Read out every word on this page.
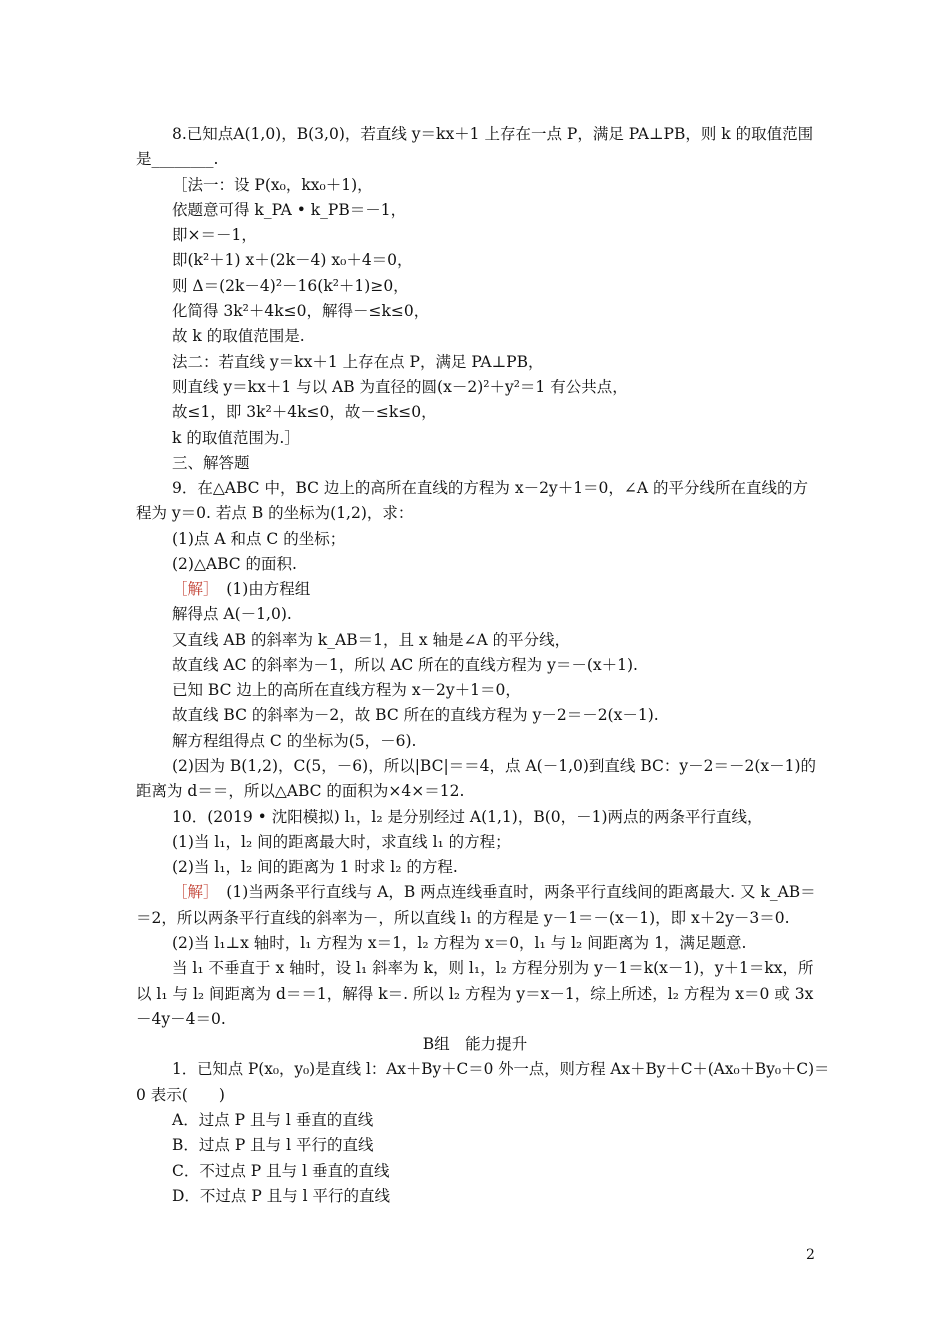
8.已知点A(1,0)，B(3,0)，若直线 y＝kx＋1 上存在一点 P，满足 PA⊥PB，则 k 的取值范围
是________.
［法一：设 P(x₀，kx₀＋1)，
依题意可得 k_PA • k_PB＝－1，
即×＝－1，
即(k²＋1) x＋(2k－4) x₀＋4＝0，
则 Δ＝(2k－4)²－16(k²＋1)≥0，
化简得 3k²＋4k≤0，解得－≤k≤0，
故 k 的取值范围是.
法二：若直线 y＝kx＋1 上存在点 P，满足 PA⊥PB，
则直线 y＝kx＋1 与以 AB 为直径的圆(x－2)²＋y²＝1 有公共点，
故≤1，即 3k²＋4k≤0，故－≤k≤0，
k 的取值范围为.］
三、解答题
9．在△ABC 中，BC 边上的高所在直线的方程为 x－2y＋1＝0，∠A 的平分线所在直线的方
程为 y＝0. 若点 B 的坐标为(1,2)，求：
(1)点 A 和点 C 的坐标；
(2)△ABC 的面积.
［解］　 (1)由方程组
解得点 A(－1,0).
又直线 AB 的斜率为 k_AB＝1，且 x 轴是∠A 的平分线，
故直线 AC 的斜率为－1，所以 AC 所在的直线方程为 y＝－(x＋1).
已知 BC 边上的高所在直线方程为 x－2y＋1＝0，
故直线 BC 的斜率为－2，故 BC 所在的直线方程为 y－2＝－2(x－1).
解方程组得点 C 的坐标为(5，－6).
(2)因为 B(1,2)，C(5，－6)，所以|BC|＝＝4，点 A(－1,0)到直线 BC：y－2＝－2(x－1)的
距离为 d＝＝，所以△ABC 的面积为×4×＝12.
10．(2019 • 沈阳模拟) l₁，l₂ 是分别经过 A(1,1)，B(0，－1)两点的两条平行直线，
(1)当 l₁，l₂ 间的距离最大时，求直线 l₁ 的方程；
(2)当 l₁，l₂ 间的距离为 1 时求 l₂ 的方程.
［解］　 (1)当两条平行直线与 A，B 两点连线垂直时，两条平行直线间的距离最大. 又 k_AB＝
＝2，所以两条平行直线的斜率为－，所以直线 l₁ 的方程是 y－1＝－(x－1)，即 x＋2y－3＝0.
(2)当 l₁⊥x 轴时，l₁ 方程为 x＝1，l₂ 方程为 x＝0，l₁ 与 l₂ 间距离为 1，满足题意.
当 l₁ 不垂直于 x 轴时，设 l₁ 斜率为 k，则 l₁，l₂ 方程分别为 y－1＝k(x－1)，y＋1＝kx，所
以 l₁ 与 l₂ 间距离为 d＝＝1，解得 k＝. 所以 l₂ 方程为 y＝x－1，综上所述，l₂ 方程为 x＝0 或 3x
－4y－4＝0.
B组　能力提升
1．已知点 P(x₀，y₀)是直线 l：Ax＋By＋C＝0 外一点，则方程 Ax＋By＋C＋(Ax₀＋By₀＋C)＝
0 表示(　　)
A．过点 P 且与 l 垂直的直线
B．过点 P 且与 l 平行的直线
C．不过点 P 且与 l 垂直的直线
D．不过点 P 且与 l 平行的直线
2
